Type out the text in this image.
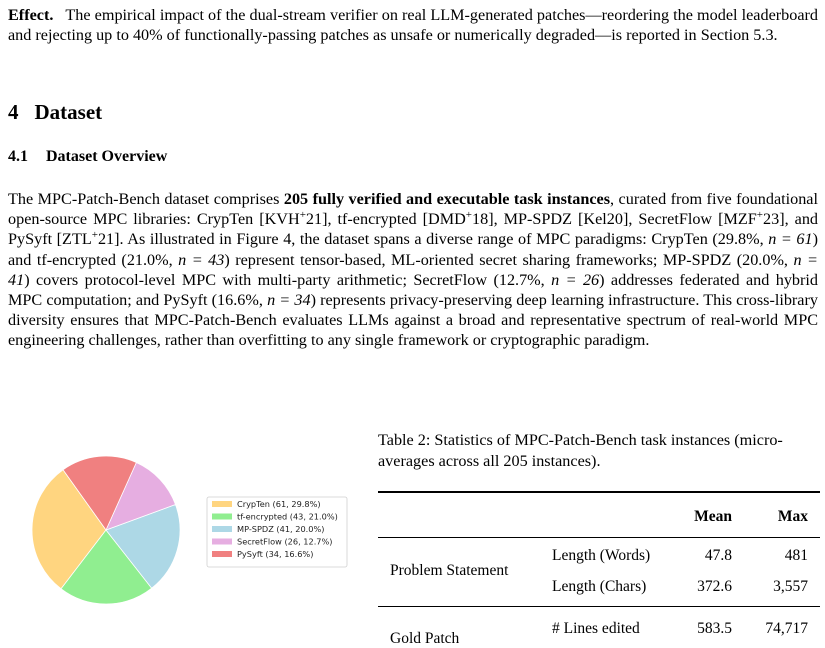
Effect. The empirical impact of the dual-stream verifier on real LLM-generated patches—reordering the model leaderboard and rejecting up to 40% of functionally-passing patches as unsafe or numerically degraded—is reported in Section 5.3.
4 Dataset
4.1 Dataset Overview
The MPC-Patch-Bench dataset comprises 205 fully verified and executable task instances, curated from five foundational open-source MPC libraries: CrypTen [KVH+21], tf-encrypted [DMD+18], MP-SPDZ [Kel20], SecretFlow [MZF+23], and PySyft [ZTL+21]. As illustrated in Figure 4, the dataset spans a diverse range of MPC paradigms: CrypTen (29.8%, n = 61) and tf-encrypted (21.0%, n = 43) represent tensor-based, ML-oriented secret sharing frameworks; MP-SPDZ (20.0%, n = 41) covers protocol-level MPC with multi-party arithmetic; SecretFlow (12.7%, n = 26) addresses federated and hybrid MPC computation; and PySyft (16.6%, n = 34) represents privacy-preserving deep learning infrastructure. This cross-library diversity ensures that MPC-Patch-Bench evaluates LLMs against a broad and representative spectrum of real-world MPC engineering challenges, rather than overfitting to any single framework or cryptographic paradigm.
CrypTen (61, 29.8%)
tf-encrypted (43, 21.0%)
MP-SPDZ (41, 20.0%)
SecretFlow (26, 12.7%)
PySyft (34, 16.6%)
Table 2: Statistics of MPC-Patch-Bench task instances (micro-averages across all 205 instances).
Mean	Max
Problem Statement
Length (Words)	47.8	481
Length (Chars)	372.6	3,557
Gold Patch
# Lines edited	583.5	74,717
